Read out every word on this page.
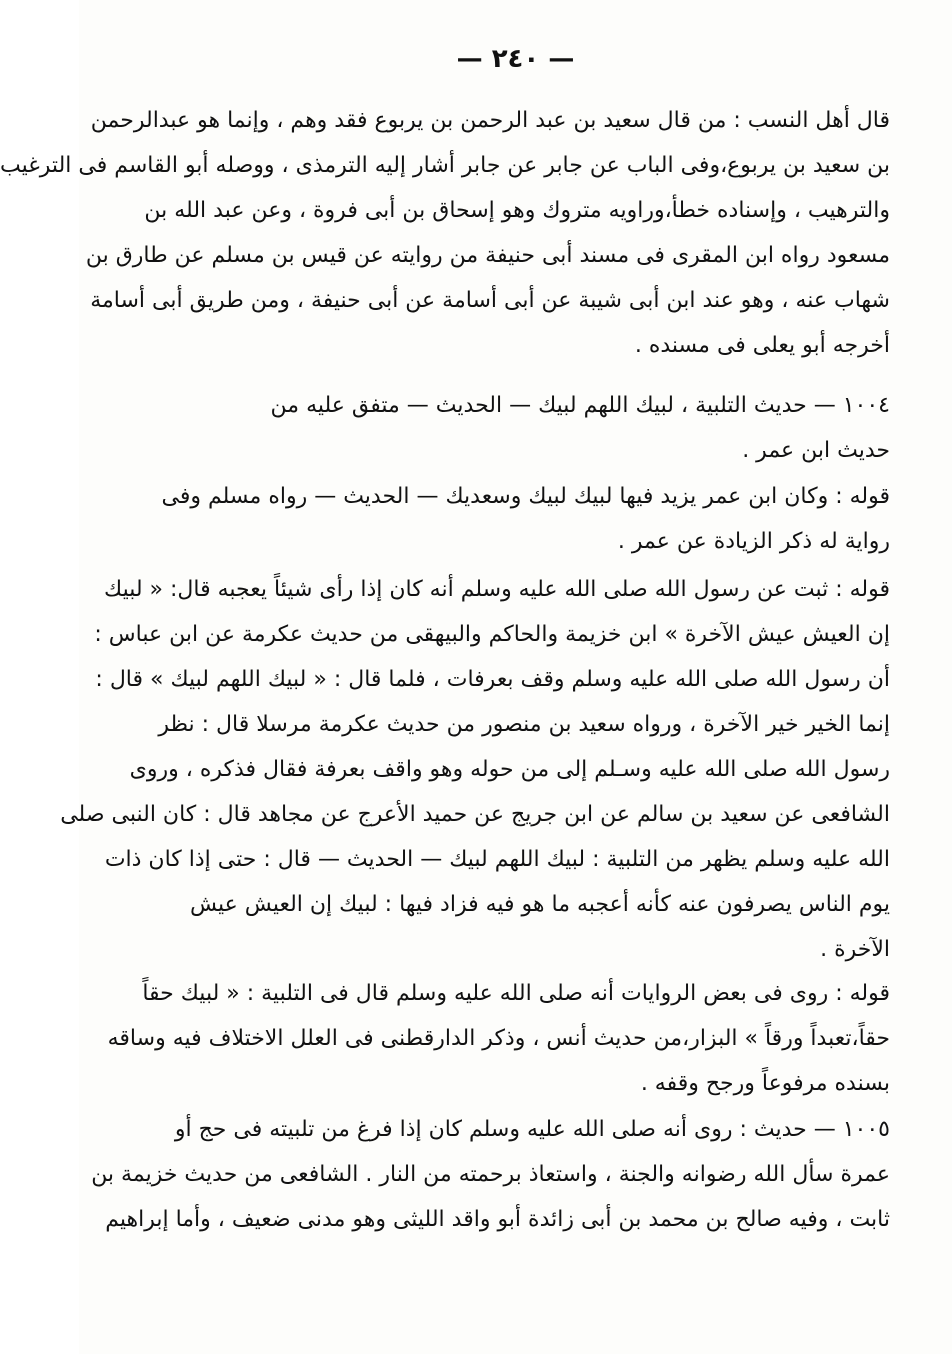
— ٢٤٠ —
قال أهل النسب : من قال سعيد بن عبد الرحمن بن يربوع فقد وهم ، وإنما هو عبدالرحمن
بن سعيد بن يربوع،وفى الباب عن جابر عن جابر أشار إليه الترمذى ، ووصله أبو القاسم فى الترغيب
والترهيب ، وإسناده خطأ،وراويه متروك وهو إسحاق بن أبى فروة ، وعن عبد الله بن
مسعود رواه ابن المقرى فى مسند أبى حنيفة من روايته عن قيس بن مسلم عن طارق بن
شهاب عنه ، وهو عند ابن أبى شيبة عن أبى أسامة عن أبى حنيفة ، ومن طريق أبى أسامة
أخرجه أبو يعلى فى مسنده .
١٠٠٤ — حديث التلبية ، لبيك اللهم لبيك — الحديث — متفق عليه من
حديث ابن عمر .
قوله : وكان ابن عمر يزيد فيها لبيك لبيك وسعديك — الحديث — رواه مسلم وفى
رواية له ذكر الزيادة عن عمر .
قوله : ثبت عن رسول الله صلى الله عليه وسلم أنه كان إذا رأى شيئاً يعجبه قال: « لبيك
إن العيش عيش الآخرة » ابن خزيمة والحاكم والبيهقى من حديث عكرمة عن ابن عباس :
أن رسول الله صلى الله عليه وسلم وقف بعرفات ، فلما قال : « لبيك اللهم لبيك » قال :
إنما الخير خير الآخرة ، ورواه سعيد بن منصور من حديث عكرمة مرسلا قال : نظر
رسول الله صلى الله عليه وسـلم إلى من حوله وهو واقف بعرفة فقال فذكره ، وروى
الشافعى عن سعيد بن سالم عن ابن جريج عن حميد الأعرج عن مجاهد قال : كان النبى صلى
الله عليه وسلم يظهر من التلبية : لبيك اللهم لبيك — الحديث — قال : حتى إذا كان ذات
يوم الناس يصرفون عنه كأنه أعجبه ما هو فيه فزاد فيها : لبيك إن العيش عيش
الآخرة .
قوله : روى فى بعض الروايات أنه صلى الله عليه وسلم قال فى التلبية : « لبيك حقاً
حقاً،تعبداً ورقاً » البزار،من حديث أنس ، وذكر الدارقطنى فى العلل الاختلاف فيه وساقه
بسنده مرفوعاً ورجح وقفه .
١٠٠٥ — حديث : روى أنه صلى الله عليه وسلم كان إذا فرغ من تلبيته فى حج أو
عمرة سأل الله رضوانه والجنة ، واستعاذ برحمته من النار . الشافعى من حديث خزيمة بن
ثابت ، وفيه صالح بن محمد بن أبى زائدة أبو واقد الليثى وهو مدنى ضعيف ، وأما إبراهيم
